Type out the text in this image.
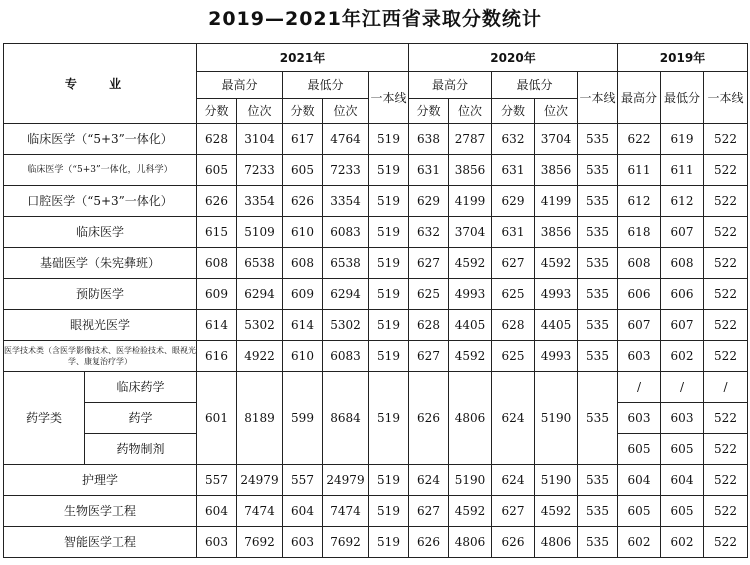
2019—2021年江西省录取分数统计
专 业		2021年					2020年					2019年		
		最高分		最低分		一本线	最高分		最低分		一本线	最高分	最低分	一本线
		分数	位次	分数	位次		分数	位次	分数	位次				
临床医学（“5+3”一体化）		628	3104	617	4764	519	638	2787	632	3704	535	622	619	522
临床医学（“5+3”一体化，儿科学）		605	7233	605	7233	519	631	3856	631	3856	535	611	611	522
口腔医学（“5+3”一体化）		626	3354	626	3354	519	629	4199	629	4199	535	612	612	522
临床医学		615	5109	610	6083	519	632	3704	631	3856	535	618	607	522
基础医学（朱宪彝班）		608	6538	608	6538	519	627	4592	627	4592	535	608	608	522
预防医学		609	6294	609	6294	519	625	4993	625	4993	535	606	606	522
眼视光医学		614	5302	614	5302	519	628	4405	628	4405	535	607	607	522
医学技术类（含医学影像技术、医学检验技术、眼视光学、康复治疗学）		616	4922	610	6083	519	627	4592	625	4993	535	603	602	522
药学类	临床药学	601	8189	599	8684	519	626	4806	624	5190	535	/	/	/
	药学											603	603	522
	药物制剂											605	605	522
护理学		557	24979	557	24979	519	624	5190	624	5190	535	604	604	522
生物医学工程		604	7474	604	7474	519	627	4592	627	4592	535	605	605	522
智能医学工程		603	7692	603	7692	519	626	4806	626	4806	535	602	602	522
